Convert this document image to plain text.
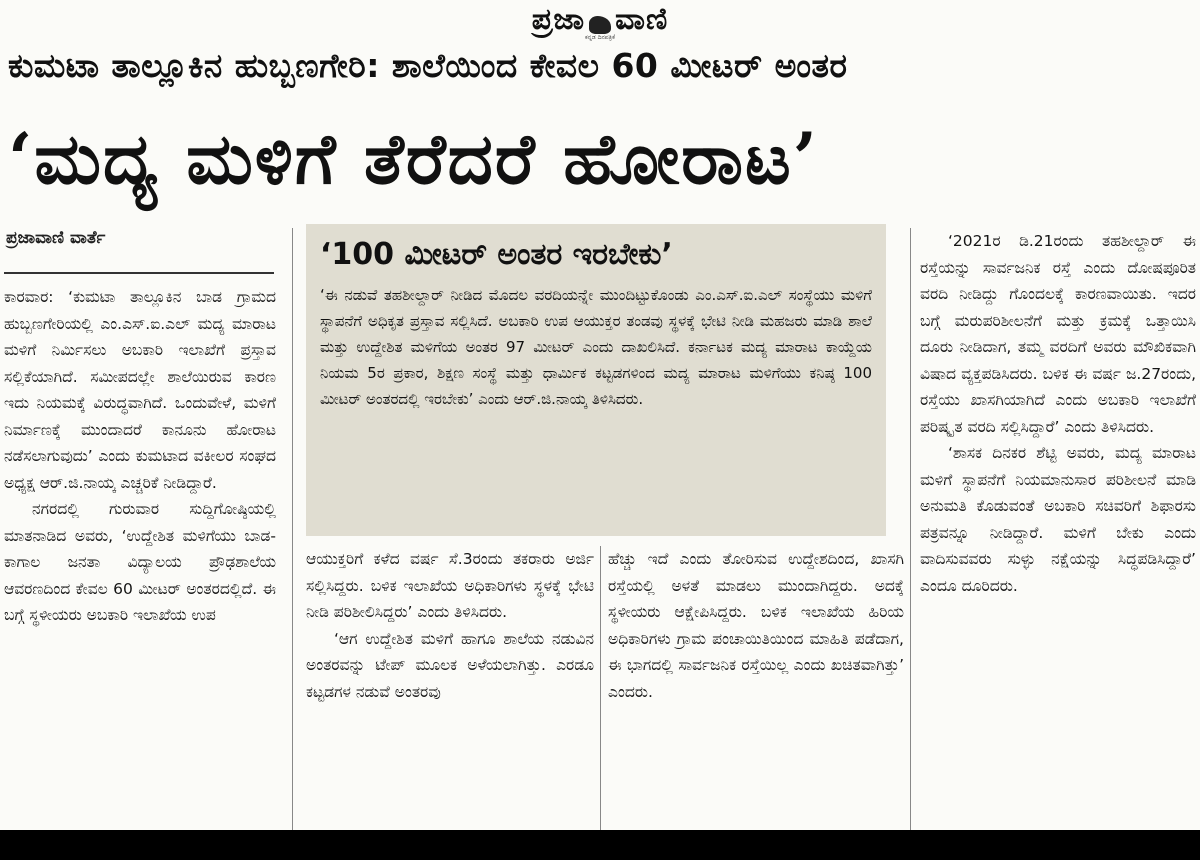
ಪ್ರಜಾ ವಾಣಿ
ಕನ್ನಡ ದಿನಪತ್ರಿಕೆ
ಕುಮಟಾ ತಾಲ್ಲೂಕಿನ ಹುಬ್ಬಣಗೇರಿ: ಶಾಲೆಯಿಂದ ಕೇವಲ 60 ಮೀಟರ್ ಅಂತರ
‘ಮದ್ಯ ಮಳಿಗೆ ತೆರೆದರೆ ಹೋರಾಟ’
ಪ್ರಜಾವಾಣಿ ವಾರ್ತೆ

ಕಾರವಾರ: ‘ಕುಮಟಾ ತಾಲ್ಲೂಕಿನ ಬಾಡ ಗ್ರಾಮದ ಹುಬ್ಬಣಗೇರಿಯಲ್ಲಿ ಎಂ.ಎಸ್.ಐ.ಎಲ್ ಮದ್ಯ ಮಾರಾಟ ಮಳಿಗೆ ನಿರ್ಮಿಸಲು ಅಬಕಾರಿ ಇಲಾಖೆಗೆ ಪ್ರಸ್ತಾವ ಸಲ್ಲಿಕೆಯಾಗಿದೆ. ಸಮೀಪದಲ್ಲೇ ಶಾಲೆಯಿರುವ ಕಾರಣ ಇದು ನಿಯಮಕ್ಕೆ ವಿರುದ್ಧವಾಗಿದೆ. ಒಂದುವೇಳೆ, ಮಳಿಗೆ ನಿರ್ಮಾಣಕ್ಕೆ ಮುಂದಾದರೆ ಕಾನೂನು ಹೋರಾಟ ನಡೆಸಲಾಗುವುದು’ ಎಂದು ಕುಮಟಾದ ವಕೀಲರ ಸಂಘದ ಅಧ್ಯಕ್ಷ ಆರ್.ಜಿ.ನಾಯ್ಕ ಎಚ್ಚರಿಕೆ ನೀಡಿದ್ದಾರೆ.

ನಗರದಲ್ಲಿ ಗುರುವಾರ ಸುದ್ದಿಗೋಷ್ಠಿಯಲ್ಲಿ ಮಾತನಾಡಿದ ಅವರು, ‘ಉದ್ದೇಶಿತ ಮಳಿಗೆಯು ಬಾಡ- ಕಾಗಾಲ ಜನತಾ ವಿದ್ಯಾಲಯ ಪ್ರೌಢಶಾಲೆಯ ಆವರಣದಿಂದ ಕೇವಲ 60 ಮೀಟರ್ ಅಂತರದಲ್ಲಿದೆ. ಈ ಬಗ್ಗೆ ಸ್ಥಳೀಯರು ಅಬಕಾರಿ ಇಲಾಖೆಯ ಉಪ

‘100 ಮೀಟರ್ ಅಂತರ ಇರಬೇಕು’
‘ಈ ನಡುವೆ ತಹಶೀಲ್ದಾರ್ ನೀಡಿದ ಮೊದಲ ವರದಿಯನ್ನೇ ಮುಂದಿಟ್ಟುಕೊಂಡು ಎಂ.ಎಸ್.ಐ.ಎಲ್ ಸಂಸ್ಥೆಯು ಮಳಿಗೆ ಸ್ಥಾಪನೆಗೆ ಅಧಿಕೃತ ಪ್ರಸ್ತಾವ ಸಲ್ಲಿಸಿದೆ. ಅಬಕಾರಿ ಉಪ ಆಯುಕ್ತರ ತಂಡವು ಸ್ಥಳಕ್ಕೆ ಭೇಟಿ ನೀಡಿ ಮಹಜರು ಮಾಡಿ ಶಾಲೆ ಮತ್ತು ಉದ್ದೇಶಿತ ಮಳಿಗೆಯ ಅಂತರ 97 ಮೀಟರ್ ಎಂದು ದಾಖಲಿಸಿದೆ. ಕರ್ನಾಟಕ ಮದ್ಯ ಮಾರಾಟ ಕಾಯ್ದೆಯ ನಿಯಮ 5ರ ಪ್ರಕಾರ, ಶಿಕ್ಷಣ ಸಂಸ್ಥೆ ಮತ್ತು ಧಾರ್ಮಿಕ ಕಟ್ಟಡಗಳಿಂದ ಮದ್ಯ ಮಾರಾಟ ಮಳಿಗೆಯು ಕನಿಷ್ಠ 100 ಮೀಟರ್ ಅಂತರದಲ್ಲಿ ಇರಬೇಕು’ ಎಂದು ಆರ್.ಜಿ.ನಾಯ್ಕ ತಿಳಿಸಿದರು.

ಆಯುಕ್ತರಿಗೆ ಕಳೆದ ವರ್ಷ ಸೆ.3ರಂದು ತಕರಾರು ಅರ್ಜಿ ಸಲ್ಲಿಸಿದ್ದರು. ಬಳಿಕ ಇಲಾಖೆಯ ಅಧಿಕಾರಿಗಳು ಸ್ಥಳಕ್ಕೆ ಭೇಟಿ ನೀಡಿ ಪರಿಶೀಲಿಸಿದ್ದರು’ ಎಂದು ತಿಳಿಸಿದರು.

‘ಆಗ ಉದ್ದೇಶಿತ ಮಳಿಗೆ ಹಾಗೂ ಶಾಲೆಯ ನಡುವಿನ ಅಂತರವನ್ನು ಟೇಪ್ ಮೂಲಕ ಅಳೆಯಲಾಗಿತ್ತು. ಎರಡೂ ಕಟ್ಟಡಗಳ ನಡುವೆ ಅಂತರವು

ಹೆಚ್ಚು ಇದೆ ಎಂದು ತೋರಿಸುವ ಉದ್ದೇಶದಿಂದ, ಖಾಸಗಿ ರಸ್ತೆಯಲ್ಲಿ ಅಳತೆ ಮಾಡಲು ಮುಂದಾಗಿದ್ದರು. ಅದಕ್ಕೆ ಸ್ಥಳೀಯರು ಆಕ್ಷೇಪಿಸಿದ್ದರು. ಬಳಿಕ ಇಲಾಖೆಯ ಹಿರಿಯ ಅಧಿಕಾರಿಗಳು ಗ್ರಾಮ ಪಂಚಾಯಿತಿಯಿಂದ ಮಾಹಿತಿ ಪಡೆದಾಗ, ಈ ಭಾಗದಲ್ಲಿ ಸಾರ್ವಜನಿಕ ರಸ್ತೆಯಿಲ್ಲ ಎಂದು ಖಚಿತವಾಗಿತ್ತು’ ಎಂದರು.

‘2021ರ ಡಿ.21ರಂದು ತಹಶೀಲ್ದಾರ್ ಈ ರಸ್ತೆಯನ್ನು ಸಾರ್ವಜನಿಕ ರಸ್ತೆ ಎಂದು ದೋಷಪೂರಿತ ವರದಿ ನೀಡಿದ್ದು ಗೊಂದಲಕ್ಕೆ ಕಾರಣವಾಯಿತು. ಇದರ ಬಗ್ಗೆ ಮರುಪರಿಶೀಲನೆಗೆ ಮತ್ತು ಕ್ರಮಕ್ಕೆ ಒತ್ತಾಯಿಸಿ ದೂರು ನೀಡಿದಾಗ, ತಮ್ಮ ವರದಿಗೆ ಅವರು ಮೌಖಿಕವಾಗಿ ವಿಷಾದ ವ್ಯಕ್ತಪಡಿಸಿದರು. ಬಳಿಕ ಈ ವರ್ಷ ಜ.27ರಂದು, ರಸ್ತೆಯು ಖಾಸಗಿಯಾಗಿದೆ ಎಂದು ಅಬಕಾರಿ ಇಲಾಖೆಗೆ ಪರಿಷ್ಕೃತ ವರದಿ ಸಲ್ಲಿಸಿದ್ದಾರೆ’ ಎಂದು ತಿಳಿಸಿದರು.

‘ಶಾಸಕ ದಿನಕರ ಶೆಟ್ಟಿ ಅವರು, ಮದ್ಯ ಮಾರಾಟ ಮಳಿಗೆ ಸ್ಥಾಪನೆಗೆ ನಿಯಮಾನುಸಾರ ಪರಿಶೀಲನೆ ಮಾಡಿ ಅನುಮತಿ ಕೊಡುವಂತೆ ಅಬಕಾರಿ ಸಚಿವರಿಗೆ ಶಿಫಾರಸು ಪತ್ರವನ್ನೂ ನೀಡಿದ್ದಾರೆ. ಮಳಿಗೆ ಬೇಕು ಎಂದು ವಾದಿಸುವವರು ಸುಳ್ಳು ನಕ್ಷೆಯನ್ನು ಸಿದ್ಧಪಡಿಸಿದ್ದಾರೆ’ ಎಂದೂ ದೂರಿದರು.
